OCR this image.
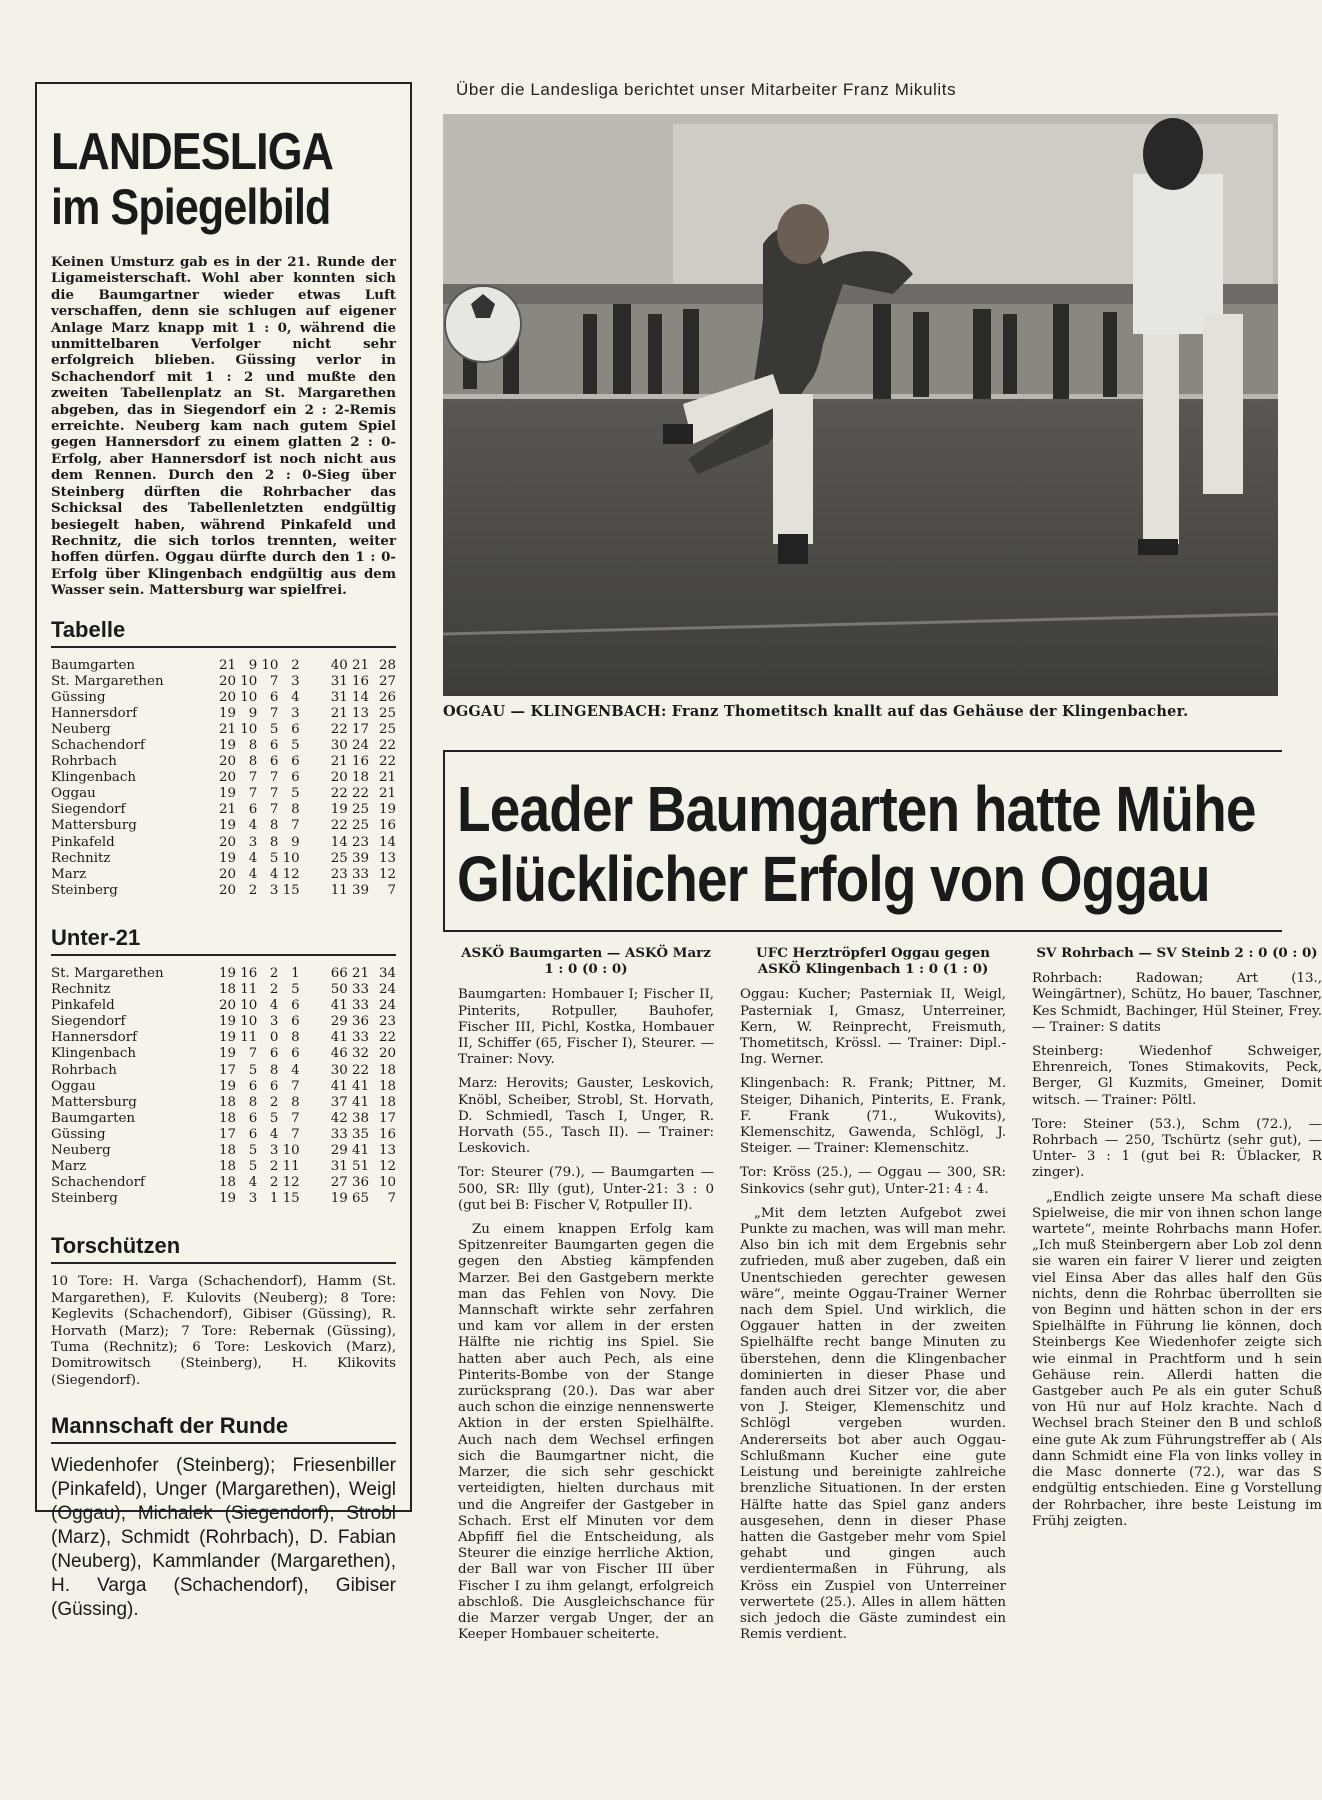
LANDESLIGA
im Spiegelbild

Keinen Umsturz gab es in der 21. Runde der Ligameisterschaft. Wohl aber konnten sich die Baumgartner wieder etwas Luft verschaffen, denn sie schlugen auf eigener Anlage Marz knapp mit 1 : 0, während die unmittelbaren Verfolger nicht sehr erfolgreich blieben. Güssing verlor in Schachendorf mit 1 : 2 und mußte den zweiten Tabellenplatz an St. Margarethen abgeben, das in Siegendorf ein 2 : 2-Remis erreichte. Neuberg kam nach gutem Spiel gegen Hannersdorf zu einem glatten 2 : 0-Erfolg, aber Hannersdorf ist noch nicht aus dem Rennen. Durch den 2 : 0-Sieg über Steinberg dürften die Rohrbacher das Schicksal des Tabellenletzten endgültig besiegelt haben, während Pinkafeld und Rechnitz, die sich torlos trennten, weiter hoffen dürfen. Oggau dürfte durch den 1 : 0-Erfolg über Klingenbach endgültig aus dem Wasser sein. Mattersburg war spielfrei.

Tabelle
Baumgarten	21 9 10 2	40 21 28
St. Margarethen	20 10 7 3	31 16 27
Güssing	20 10 6 4	31 14 26
Hannersdorf	19 9 7 3	21 13 25
Neuberg	21 10 5 6	22 17 25
Schachendorf	19 8 6 5	30 24 22
Rohrbach	20 8 6 6	21 16 22
Klingenbach	20 7 7 6	20 18 21
Oggau	19 7 7 5	22 22 21
Siegendorf	21 6 7 8	19 25 19
Mattersburg	19 4 8 7	22 25 16
Pinkafeld	20 3 8 9	14 23 14
Rechnitz	19 4 5 10	25 39 13
Marz	20 4 4 12	23 33 12
Steinberg	20 2 3 15	11 39	7
Unter-21
St. Margarethen	19 16 2 1	66 21 34
Rechnitz	18 11 2 5	50 33 24
Pinkafeld	20 10 4 6	41 33 24
Siegendorf	19 10 3 6	29 36 23
Hannersdorf	19 11 0 8	41 33 22
Klingenbach	19 7 6 6	46 32 20
Rohrbach	17 5 8 4	30 22 18
Oggau	19 6 6 7	41 41 18
Mattersburg	18 8 2 8	37 41 18
Baumgarten	18 6 5 7	42 38 17
Güssing	17 6 4 7	33 35 16
Neuberg	18 5 3 10	29 41 13
Marz	18 5 2 11	31 51 12
Schachendorf	18 4 2 12	27 36 10
Steinberg	19 3 1 15	19 65	7
Torschützen
10 Tore: H. Varga (Schachendorf), Hamm (St. Margarethen), F. Kulovits (Neuberg); 8 Tore: Keglevits (Schachendorf), Gibiser (Güssing), R. Horvath (Marz); 7 Tore: Rebernak (Güssing), Tuma (Rechnitz); 6 Tore: Leskovich (Marz), Domitrowitsch (Steinberg), H. Klikovits (Siegendorf).
Mannschaft der Runde
Wiedenhofer (Steinberg); Friesenbiller (Pinkafeld), Unger (Margarethen), Weigl (Oggau), Michalek (Siegendorf), Strobl (Marz), Schmidt (Rohrbach), D. Fabian (Neuberg), Kammlander (Margarethen), H. Varga (Schachendorf), Gibiser (Güssing).
Über die Landesliga berichtet unser Mitarbeiter Franz Mikulits
OGGAU — KLINGENBACH: Franz Thometitsch knallt auf das Gehäuse der Klingenbacher.
Leader Baumgarten hatte Mühe
Glücklicher Erfolg von Oggau

ASKÖ Baumgarten — ASKÖ Marz 1 : 0 (0 : 0)

Baumgarten: Hombauer I; Fischer II, Pinterits, Rotpuller, Bauhofer, Fischer III, Pichl, Kostka, Hombauer II, Schiffer (65, Fischer I), Steurer. — Trainer: Novy.

Marz: Herovits; Gauster, Leskovich, Knöbl, Scheiber, Strobl, St. Horvath, D. Schmiedl, Tasch I, Unger, R. Horvath (55., Tasch II). — Trainer: Leskovich.

Tor: Steurer (79.), — Baumgarten — 500, SR: Illy (gut), Unter-21: 3 : 0 (gut bei B: Fischer V, Rotpuller II).

Zu einem knappen Erfolg kam Spitzenreiter Baumgarten gegen die gegen den Abstieg kämpfenden Marzer. Bei den Gastgebern merkte man das Fehlen von Novy. Die Mannschaft wirkte sehr zerfahren und kam vor allem in der ersten Hälfte nie richtig ins Spiel. Sie hatten aber auch Pech, als eine Pinterits-Bombe von der Stange zurücksprang (20.). Das war aber auch schon die einzige nennenswerte Aktion in der ersten Spielhälfte. Auch nach dem Wechsel erfingen sich die Baumgartner nicht, die Marzer, die sich sehr geschickt verteidigten, hielten durchaus mit und die Angreifer der Gastgeber in Schach. Erst elf Minuten vor dem Abpfiff fiel die Entscheidung, als Steurer die einzige herrliche Aktion, der Ball war von Fischer III über Fischer I zu ihm gelangt, erfolgreich abschloß. Die Ausgleichschance für die Marzer vergab Unger, der an Keeper Hombauer scheiterte.

UFC Herztröpferl Oggau gegen ASKÖ Klingenbach 1 : 0 (1 : 0)

Oggau: Kucher; Pasterniak II, Weigl, Pasterniak I, Gmasz, Unterreiner, Kern, W. Reinprecht, Freismuth, Thometitsch, Krössl. — Trainer: Dipl.-Ing. Werner.

Klingenbach: R. Frank; Pittner, M. Steiger, Dihanich, Pinterits, E. Frank, F. Frank (71., Wukovits), Klemenschitz, Gawenda, Schlögl, J. Steiger. — Trainer: Klemenschitz.

Tor: Kröss (25.), — Oggau — 300, SR: Sinkovics (sehr gut), Unter-21: 4 : 4.

„Mit dem letzten Aufgebot zwei Punkte zu machen, was will man mehr. Also bin ich mit dem Ergebnis sehr zufrieden, muß aber zugeben, daß ein Unentschieden gerechter gewesen wäre“, meinte Oggau-Trainer Werner nach dem Spiel. Und wirklich, die Oggauer hatten in der zweiten Spielhälfte recht bange Minuten zu überstehen, denn die Klingenbacher dominierten in dieser Phase und fanden auch drei Sitzer vor, die aber von J. Steiger, Klemenschitz und Schlögl vergeben wurden. Andererseits bot aber auch Oggau-Schlußmann Kucher eine gute Leistung und bereinigte zahlreiche brenzliche Situationen. In der ersten Hälfte hatte das Spiel ganz anders ausgesehen, denn in dieser Phase hatten die Gastgeber mehr vom Spiel gehabt und gingen auch verdientermaßen in Führung, als Kröss ein Zuspiel von Unterreiner verwertete (25.). Alles in allem hätten sich jedoch die Gäste zumindest ein Remis verdient.

SV Rohrbach — SV Steinb 2 : 0 (0 : 0)

Rohrbach: Radowan; Art (13., Weingärtner), Schütz, Ho bauer, Taschner, Kes Schmidt, Bachinger, Hül Steiner, Frey. — Trainer: S datits

Steinberg: Wiedenhof Schweiger, Ehrenreich, Tones Stimakovits, Peck, Berger, Gl Kuzmits, Gmeiner, Domit witsch. — Trainer: Pöltl.

Tore: Steiner (53.), Schm (72.), — Rohrbach — 250, Tschürtz (sehr gut), — Unter- 3 : 1 (gut bei R: Üblacker, R zinger).

„Endlich zeigte unsere Ma schaft diese Spielweise, die mir von ihnen schon lange wartete“, meinte Rohrbachs mann Hofer. „Ich muß Steinbergern aber Lob zol denn sie waren ein fairer V lierer und zeigten viel Einsa Aber das alles half den Güs nichts, denn die Rohrbac überrollten sie von Beginn und hätten schon in der ers Spielhälfte in Führung lie können, doch Steinbergs Kee Wiedenhofer zeigte sich wie einmal in Prachtform und h sein Gehäuse rein. Allerdi hatten die Gastgeber auch Pe als ein guter Schuß von Hü nur auf Holz krachte. Nach d Wechsel brach Steiner den B und schloß eine gute Ak zum Führungstreffer ab ( Als dann Schmidt eine Fla von links volley in die Masc donnerte (72.), war das S endgültig entschieden. Eine g Vorstellung der Rohrbacher, ihre beste Leistung im Frühj zeigten.
